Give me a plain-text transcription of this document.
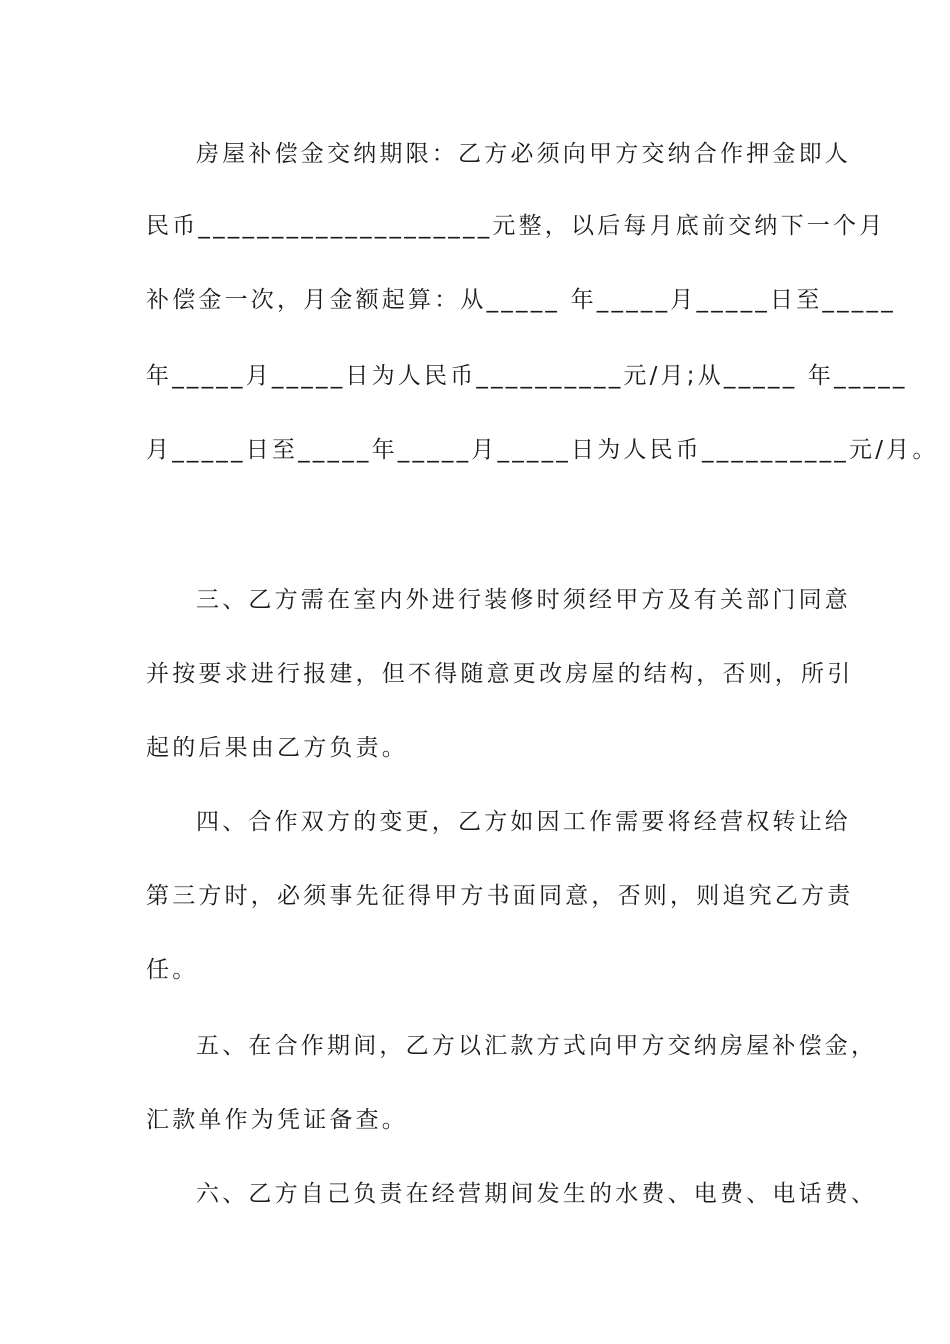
房屋补偿金交纳期限：乙方必须向甲方交纳合作押金即人
民币____________________元整，以后每月底前交纳下一个月
补偿金一次，月金额起算：从_____ 年_____月_____日至_____
年_____月_____日为人民币__________元/月;从_____ 年_____
月_____日至_____年_____月_____日为人民币__________元/月。
三、乙方需在室内外进行装修时须经甲方及有关部门同意
并按要求进行报建，但不得随意更改房屋的结构，否则，所引
起的后果由乙方负责。
四、合作双方的变更，乙方如因工作需要将经营权转让给
第三方时，必须事先征得甲方书面同意，否则，则追究乙方责
任。
五、在合作期间，乙方以汇款方式向甲方交纳房屋补偿金，
汇款单作为凭证备查。
六、乙方自己负责在经营期间发生的水费、电费、电话费、
